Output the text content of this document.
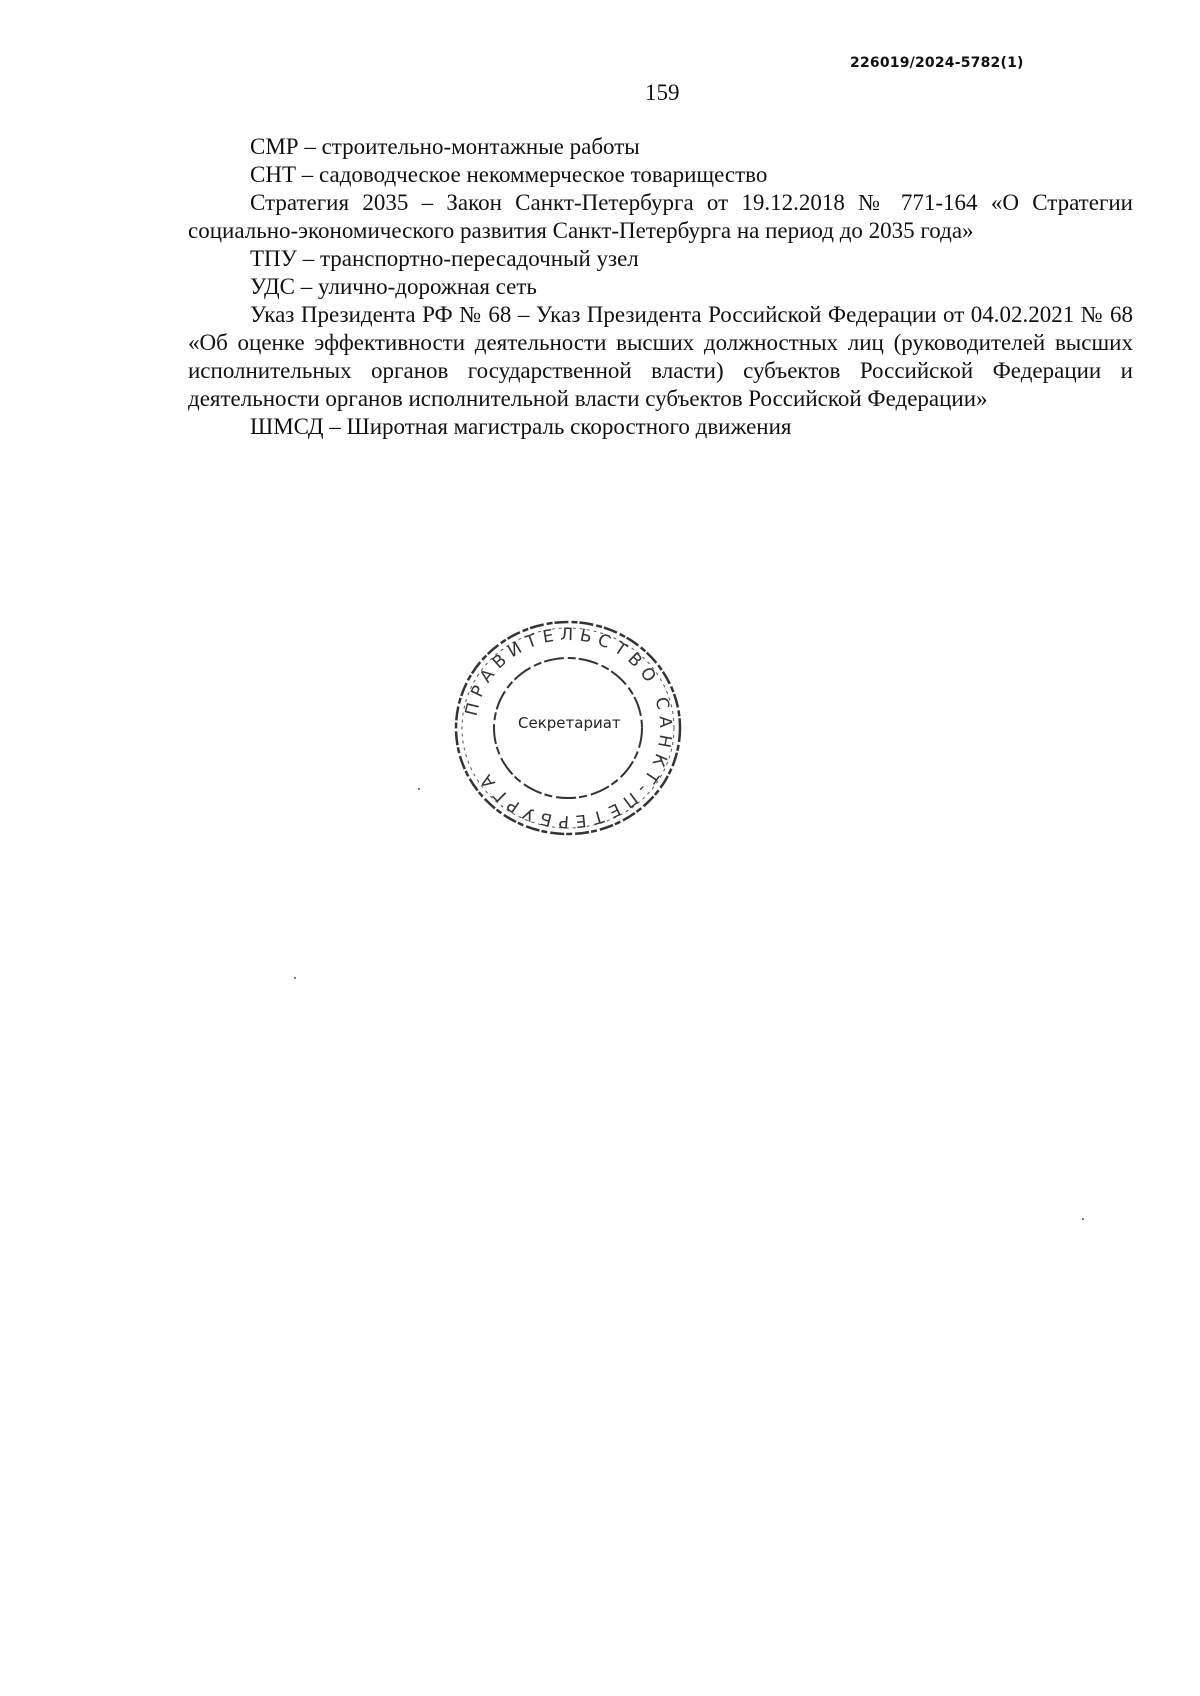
226019/2024-5782(1)
159

СМР – строительно-монтажные работы

СНТ – садоводческое некоммерческое товарищество

Стратегия 2035 – Закон Санкт-Петербурга от 19.12.2018 № 771-164 «О Стратегии социально-экономического развития Санкт-Петербурга на период до 2035 года»

ТПУ – транспортно-пересадочный узел

УДС – улично-дорожная сеть

Указ Президента РФ № 68 – Указ Президента Российской Федерации от 04.02.2021 № 68 «Об оценке эффективности деятельности высших должностных лиц (руководителей высших исполнительных органов государственной власти) субъектов Российской Федерации и деятельности органов исполнительной власти субъектов Российской Федерации»

ШМСД – Широтная магистраль скоростного движения

ПРАВИТЕЛЬСТВО САНКТ-ПЕТЕРБУРГА
Секретариат
